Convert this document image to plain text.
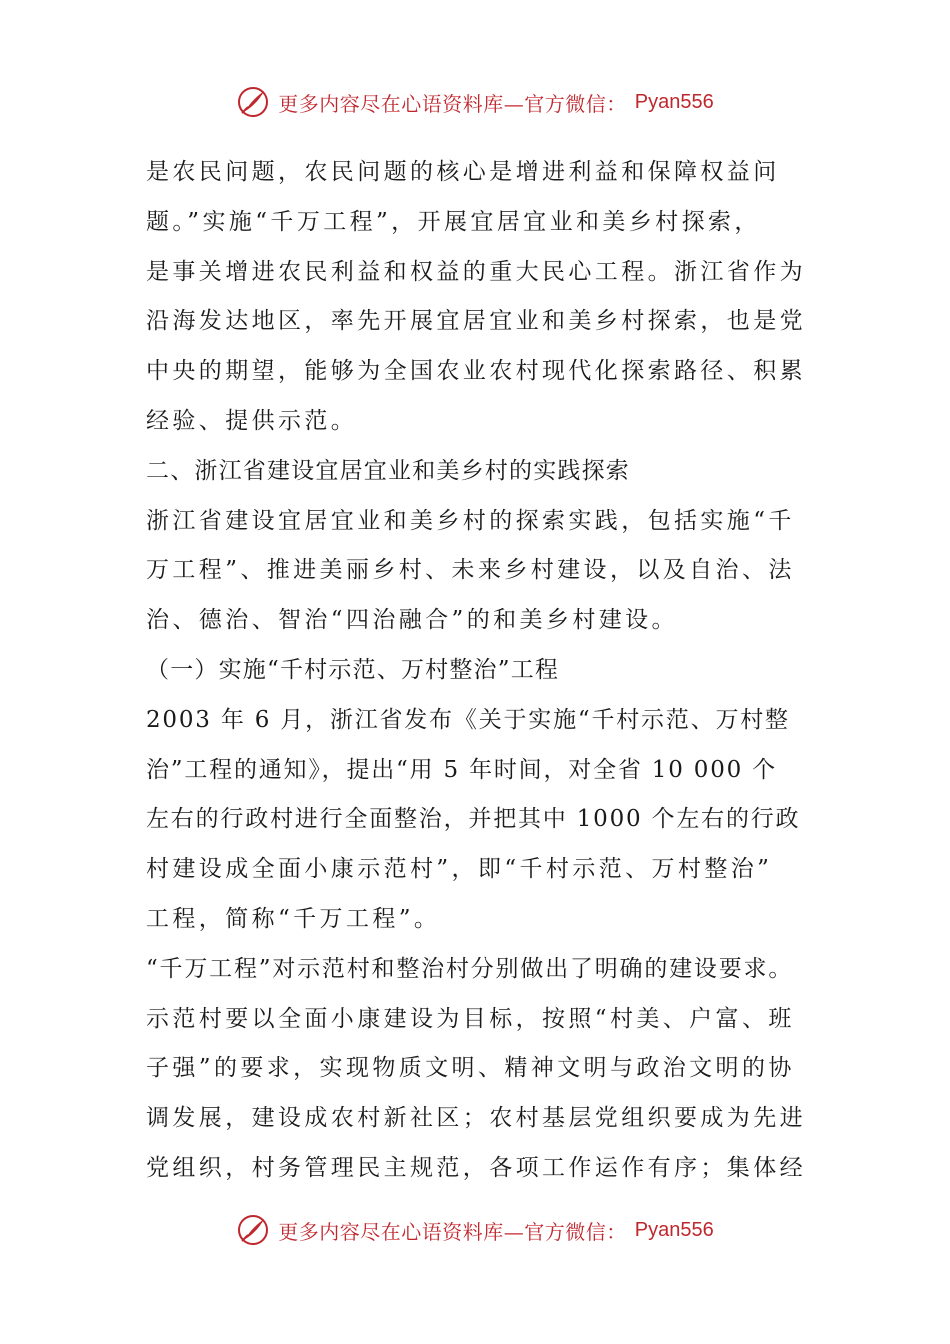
更多内容尽在心语资料库—官方微信： Pyan556
是农民问题，农民问题的核心是增进利益和保障权益问
题。”实施“千万工程”，开展宜居宜业和美乡村探索，
是事关增进农民利益和权益的重大民心工程。浙江省作为
沿海发达地区，率先开展宜居宜业和美乡村探索，也是党
中央的期望，能够为全国农业农村现代化探索路径、积累
经验、提供示范。
二、浙江省建设宜居宜业和美乡村的实践探索
浙江省建设宜居宜业和美乡村的探索实践，包括实施“千
万工程”、推进美丽乡村、未来乡村建设，以及自治、法
治、德治、智治“四治融合”的和美乡村建设。
（一）实施“千村示范、万村整治”工程
2003 年 6 月，浙江省发布《关于实施“千村示范、万村整
治”工程的通知》，提出“用 5 年时间，对全省 10 000 个
左右的行政村进行全面整治，并把其中 1000 个左右的行政
村建设成全面小康示范村”，即“千村示范、万村整治”
工程，简称“千万工程”。
“千万工程”对示范村和整治村分别做出了明确的建设要求。
示范村要以全面小康建设为目标，按照“村美、户富、班
子强”的要求，实现物质文明、精神文明与政治文明的协
调发展，建设成农村新社区；农村基层党组织要成为先进
党组织，村务管理民主规范，各项工作运作有序；集体经
更多内容尽在心语资料库—官方微信： Pyan556
